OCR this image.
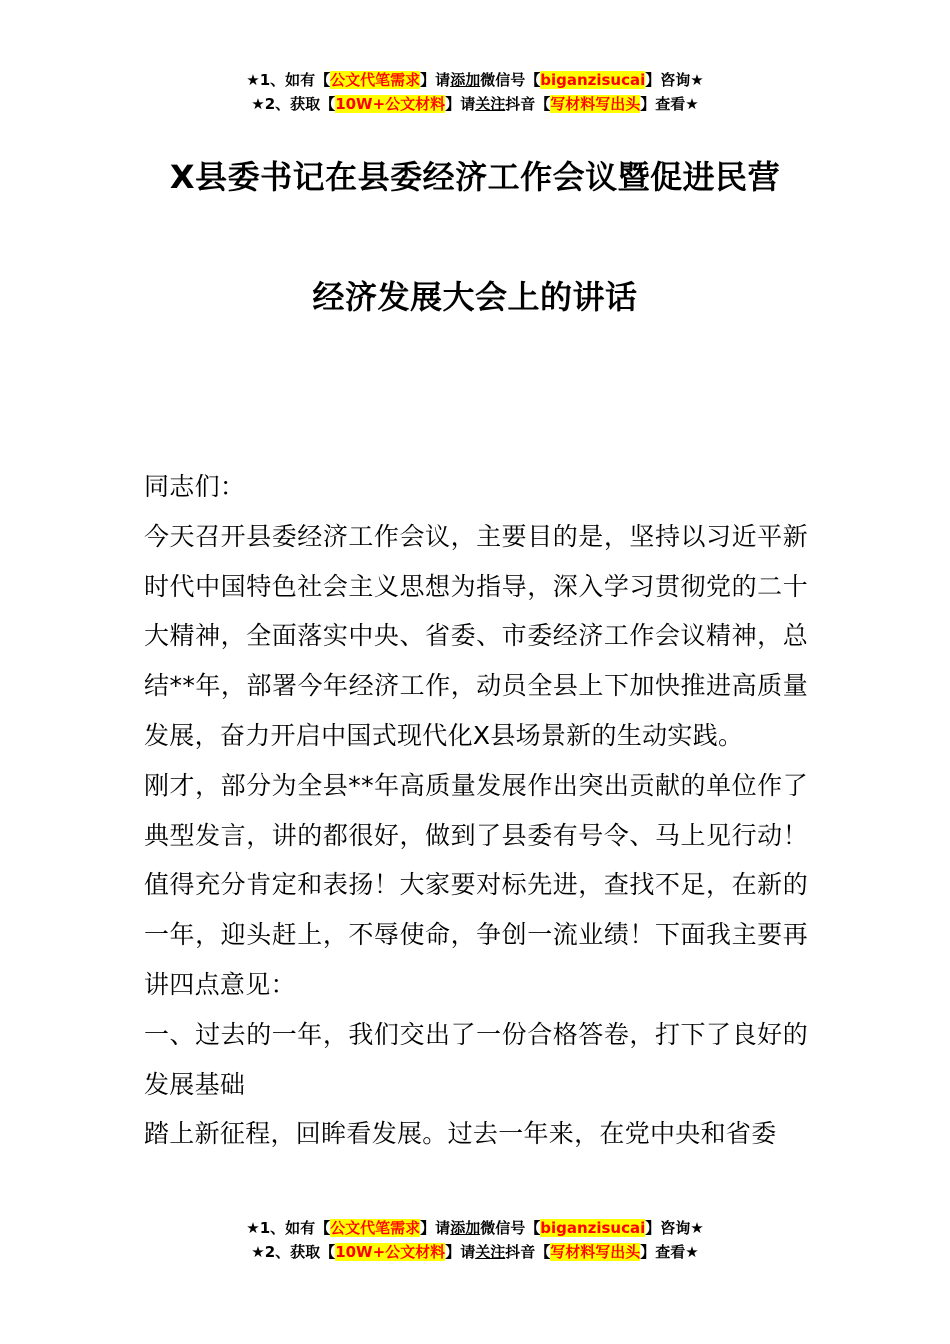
★1、如有【公文代笔需求】请添加微信号【biganzisucai】咨询★
★2、获取【10W+公文材料】请关注抖音【写材料写出头】查看★
X县委书记在县委经济工作会议暨促进民营
经济发展大会上的讲话

同志们：

今天召开县委经济工作会议，主要目的是，坚持以习近平新时代中国特色社会主义思想为指导，深入学习贯彻党的二十大精神，全面落实中央、省委、市委经济工作会议精神，总结**年，部署今年经济工作，动员全县上下加快推进高质量发展，奋力开启中国式现代化X县场景新的生动实践。

刚才，部分为全县**年高质量发展作出突出贡献的单位作了典型发言，讲的都很好，做到了县委有号令、马上见行动！值得充分肯定和表扬！大家要对标先进，查找不足，在新的一年，迎头赶上，不辱使命，争创一流业绩！下面我主要再讲四点意见：

一、过去的一年，我们交出了一份合格答卷，打下了良好的发展基础

踏上新征程，回眸看发展。过去一年来，在党中央和省委

★1、如有【公文代笔需求】请添加微信号【biganzisucai】咨询★
★2、获取【10W+公文材料】请关注抖音【写材料写出头】查看★
